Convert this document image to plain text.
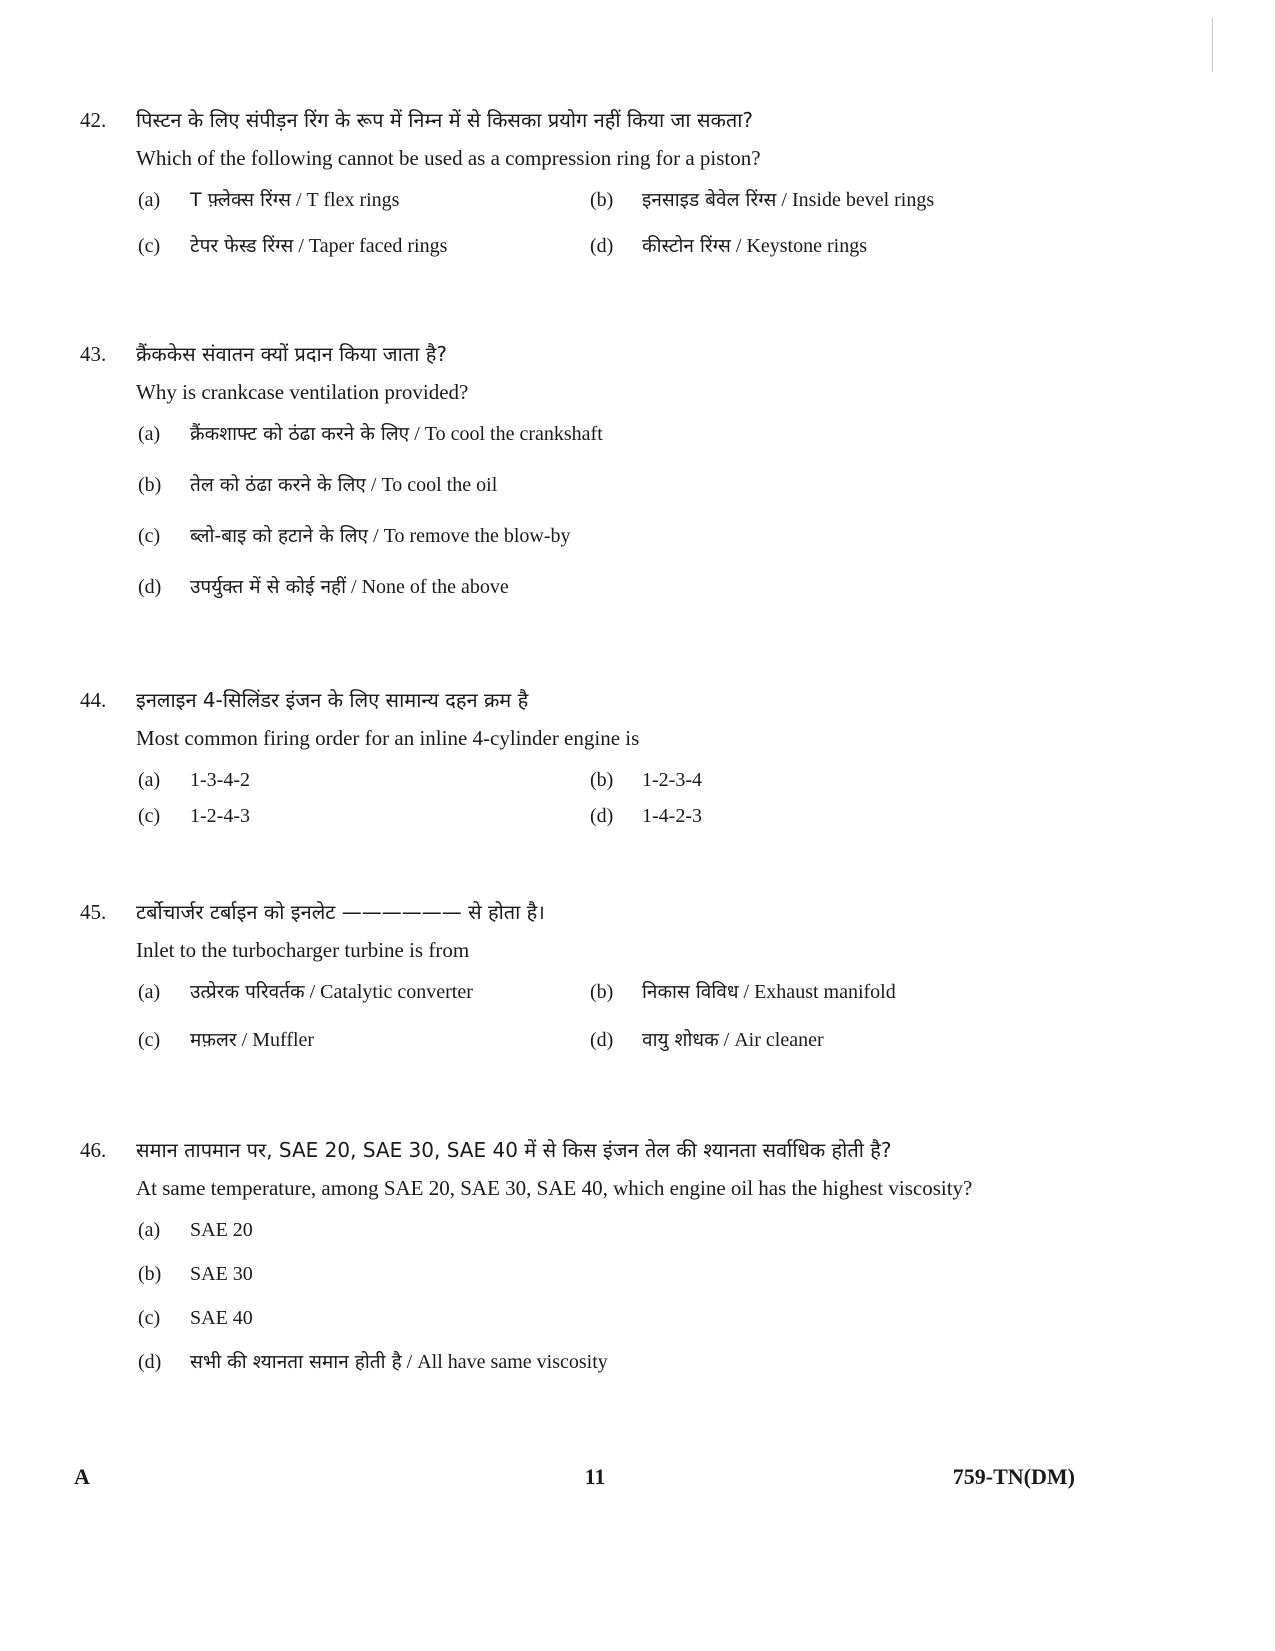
42.	पिस्टन के लिए संपीड़न रिंग के रूप में निम्न में से किसका प्रयोग नहीं किया जा सकता?
Which of the following cannot be used as a compression ring for a piston?
(a)	T फ़्लेक्स रिंग्स / T flex rings	(b)	इनसाइड बेवेल रिंग्स / Inside bevel rings
(c)	टेपर फेस्ड रिंग्स / Taper faced rings	(d)	कीस्टोन रिंग्स / Keystone rings
43.	क्रैंककेस संवातन क्यों प्रदान किया जाता है?
Why is crankcase ventilation provided?
(a)	क्रैंकशाफ्ट को ठंढा करने के लिए / To cool the crankshaft
(b)	तेल को ठंढा करने के लिए / To cool the oil
(c)	ब्लो-बाइ को हटाने के लिए / To remove the blow-by
(d)	उपर्युक्त में से कोई नहीं / None of the above
44.	इनलाइन 4-सिलिंडर इंजन के लिए सामान्य दहन क्रम है
Most common firing order for an inline 4-cylinder engine is
(a)	1-3-4-2	(b)	1-2-3-4
(c)	1-2-4-3	(d)	1-4-2-3
45.	टर्बोचार्जर टर्बाइन को इनलेट —————— से होता है।
Inlet to the turbocharger turbine is from
(a)	उत्प्रेरक परिवर्तक / Catalytic converter	(b)	निकास विविध / Exhaust manifold
(c)	मफ़लर / Muffler	(d)	वायु शोधक / Air cleaner
46.	समान तापमान पर, SAE 20, SAE 30, SAE 40 में से किस इंजन तेल की श्यानता सर्वाधिक होती है?
At same temperature, among SAE 20, SAE 30, SAE 40, which engine oil has the highest viscosity?
(a)	SAE 20
(b)	SAE 30
(c)	SAE 40
(d)	सभी की श्यानता समान होती है / All have same viscosity
A	11	759-TN(DM)
